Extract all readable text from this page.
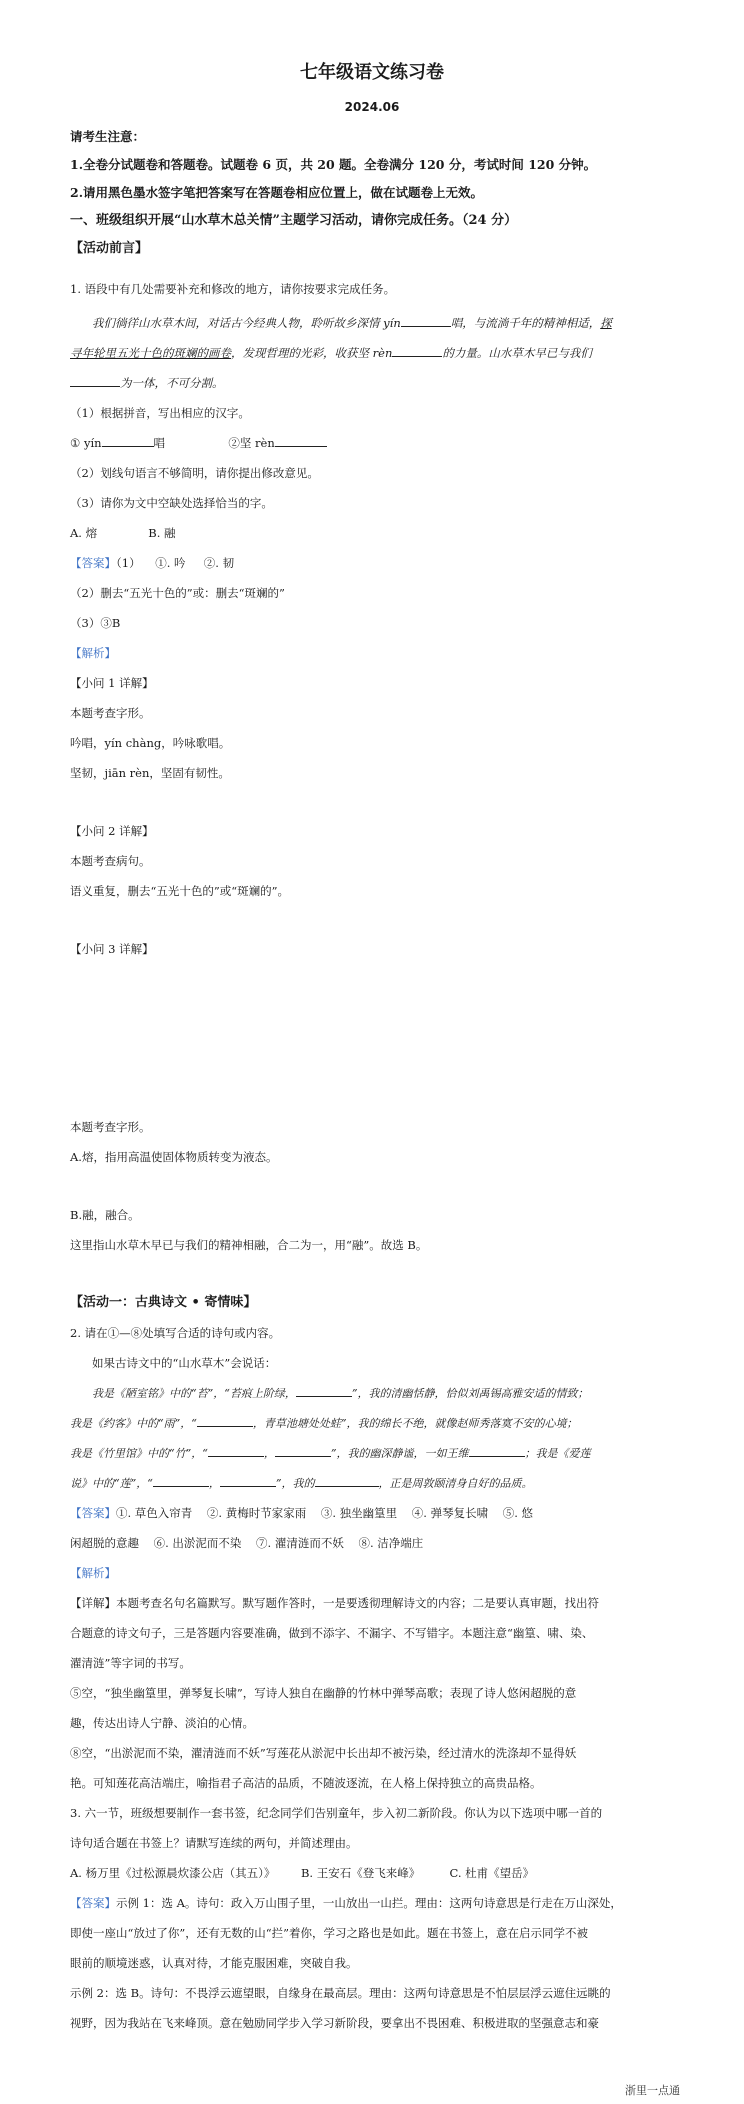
七年级语文练习卷
2024.06
请考生注意：
1.全卷分试题卷和答题卷。试题卷 6 页，共 20 题。全卷满分 120 分，考试时间 120 分钟。
2.请用黑色墨水签字笔把答案写在答题卷相应位置上，做在试题卷上无效。
一、班级组织开展“山水草木总关情”主题学习活动，请你完成任务。（24 分）
【活动前言】
1. 语段中有几处需要补充和修改的地方，请你按要求完成任务。
我们徜徉山水草木间，对话古今经典人物，聆听故乡深情 yín	唱，与流淌千年的精神相适，探
寻年轮里五光十色的斑斓的画卷，发现哲理的光彩，收获坚 rèn	的力量。山水草木早已与我们
为一体，不可分割。
（1）根据拼音，写出相应的汉字。
① yín	唱	②坚 rèn
（2）划线句语言不够简明，请你提出修改意见。
（3）请你为文中空缺处选择恰当的字。
A. 熔              B. 融
【答案】（1）    ①. 吟     ②. 韧
（2）删去“五光十色的”或：删去“斑斓的”
（3）③B
【解析】
【小问 1 详解】
本题考查字形。
吟唱，yín chàng，吟咏歌唱。
坚韧，jiān rèn，坚固有韧性。
【小问 2 详解】
本题考查病句。
语义重复，删去“五光十色的”或“斑斓的”。
【小问 3 详解】
本题考查字形。
A.熔，指用高温使固体物质转变为液态。
B.融，融合。
这里指山水草木早已与我们的精神相融，合二为一，用“融”。故选 B。
【活动一：古典诗文 • 寄情味】
2. 请在①—⑧处填写合适的诗句或内容。
如果古诗文中的“山水草木”会说话：
我是《陋室铭》中的“苔”，“苔痕上阶绿，	”，我的清幽恬静，恰似刘禹锡高雅安适的情致；
我是《约客》中的“雨”，“	，青草池塘处处蛙”，我的绵长不绝，就像赵师秀落寞不安的心境；
我是《竹里馆》中的“竹”，“	，	”，我的幽深静谧，一如王维	；我是《爱莲
说》中的“莲”，“	，	”，我的	，正是周敦颐清身自好的品质。
【答案】①. 草色入帘青    ②. 黄梅时节家家雨    ③. 独坐幽篁里    ④. 弹琴复长啸    ⑤. 悠
闲超脱的意趣    ⑥. 出淤泥而不染    ⑦. 濯清涟而不妖    ⑧. 洁净端庄
【解析】
【详解】本题考查名句名篇默写。默写题作答时，一是要透彻理解诗文的内容；二是要认真审题，找出符
合题意的诗文句子，三是答题内容要准确，做到不添字、不漏字、不写错字。本题注意“幽篁、啸、染、
濯清涟”等字词的书写。
⑤空，“独坐幽篁里，弹琴复长啸”，写诗人独自在幽静的竹林中弹琴高歌；表现了诗人悠闲超脱的意
趣，传达出诗人宁静、淡泊的心情。
⑧空，“出淤泥而不染，濯清涟而不妖”写莲花从淤泥中长出却不被污染，经过清水的洗涤却不显得妖
艳。可知莲花高洁端庄，喻指君子高洁的品质，不随波逐流，在人格上保持独立的高贵品格。
3. 六一节，班级想要制作一套书签，纪念同学们告别童年，步入初二新阶段。你认为以下选项中哪一首的
诗句适合题在书签上？请默写连续的两句，并简述理由。
A. 杨万里《过松源晨炊漆公店（其五）》       B. 王安石《登飞来峰》        C. 杜甫《望岳》
【答案】示例 1：选 A。诗句：政入万山围子里，一山放出一山拦。理由：这两句诗意思是行走在万山深处，
即使一座山“放过了你”，还有无数的山“拦”着你，学习之路也是如此。题在书签上，意在启示同学不被
眼前的顺境迷惑，认真对待，才能克服困难，突破自我。
示例 2：选 B。诗句：不畏浮云遮望眼，自缘身在最高层。理由：这两句诗意思是不怕层层浮云遮住远眺的
视野，因为我站在飞来峰顶。意在勉励同学步入学习新阶段，要拿出不畏困难、积极进取的坚强意志和豪
浙里一点通
